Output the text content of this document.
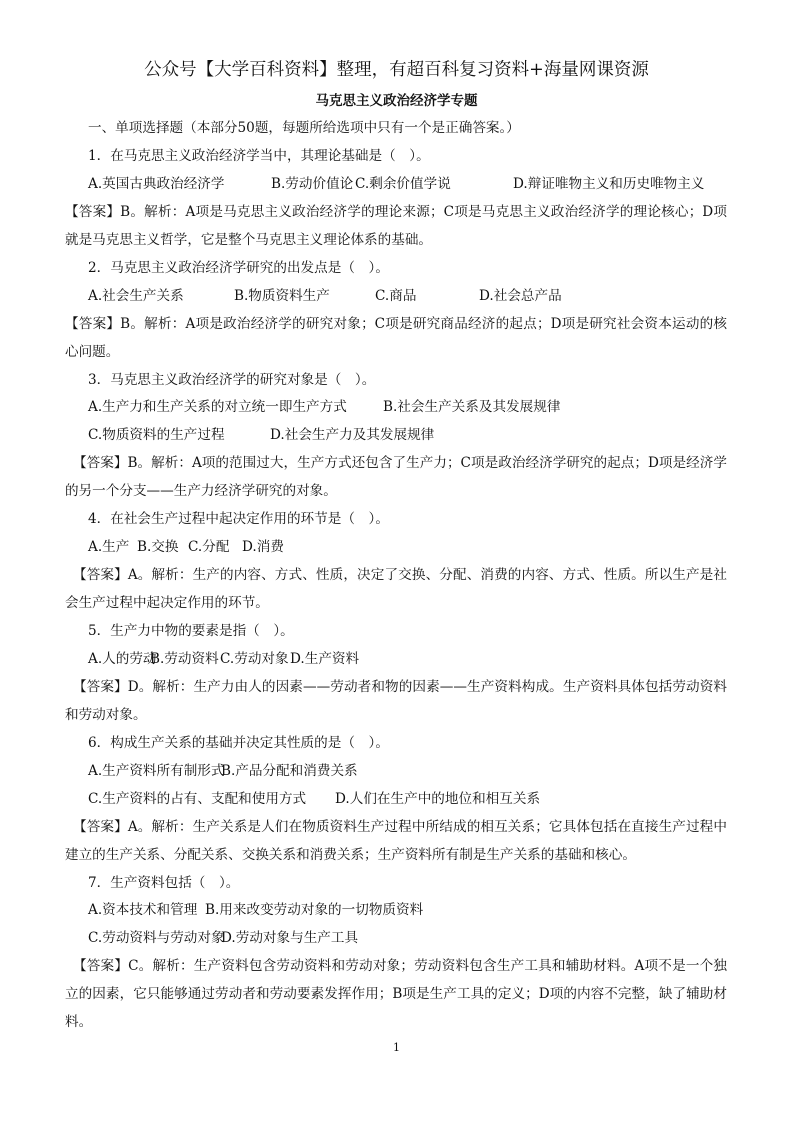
公众号【大学百科资料】整理，有超百科复习资料+海量网课资源
马克思主义政治经济学专题
一、单项选择题（本部分50题，每题所给选项中只有一个是正确答案。）
1．在马克思主义政治经济学当中，其理论基础是（　）。
A.英国古典政治经济学	B.劳动价值论 C.剩余价值学说	D.辩证唯物主义和历史唯物主义
【答案】B。解析：A项是马克思主义政治经济学的理论来源；C项是马克思主义政治经济学的理论核心；D项就是马克思主义哲学，它是整个马克思主义理论体系的基础。
2．马克思主义政治经济学研究的出发点是（　）。
A.社会生产关系	B.物质资料生产	C.商品	D.社会总产品
【答案】B。解析：A项是政治经济学的研究对象；C项是研究商品经济的起点；D项是研究社会资本运动的核心问题。
3．马克思主义政治经济学的研究对象是（　）。
A.生产力和生产关系的对立统一即生产方式	B.社会生产关系及其发展规律
C.物质资料的生产过程	D.社会生产力及其发展规律
【答案】B。解析：A项的范围过大，生产方式还包含了生产力；C项是政治经济学研究的起点；D项是经济学的另一个分支——生产力经济学研究的对象。
4．在社会生产过程中起决定作用的环节是（　）。
A.生产 B.交换 C.分配 D.消费
【答案】A。解析：生产的内容、方式、性质，决定了交换、分配、消费的内容、方式、性质。所以生产是社会生产过程中起决定作用的环节。
5．生产力中物的要素是指（　）。
A.人的劳动
B.劳动资料 C.劳动对象 D.生产资料
【答案】D。解析：生产力由人的因素——劳动者和物的因素——生产资料构成。生产资料具体包括劳动资料和劳动对象。
6．构成生产关系的基础并决定其性质的是（　）。
A.生产资料所有制形式
B.产品分配和消费关系
C.生产资料的占有、支配和使用方式 D.人们在生产中的地位和相互关系
【答案】A。解析：生产关系是人们在物质资料生产过程中所结成的相互关系；它具体包括在直接生产过程中建立的生产关系、分配关系、交换关系和消费关系；生产资料所有制是生产关系的基础和核心。
7．生产资料包括（　）。
A.资本技术和管理 B.用来改变劳动对象的一切物质资料
C.劳动资料与劳动对象
D.劳动对象与生产工具
【答案】C。解析：生产资料包含劳动资料和劳动对象；劳动资料包含生产工具和辅助材料。A项不是一个独立的因素，它只能够通过劳动者和劳动要素发挥作用；B项是生产工具的定义；D项的内容不完整，缺了辅助材料。
1
